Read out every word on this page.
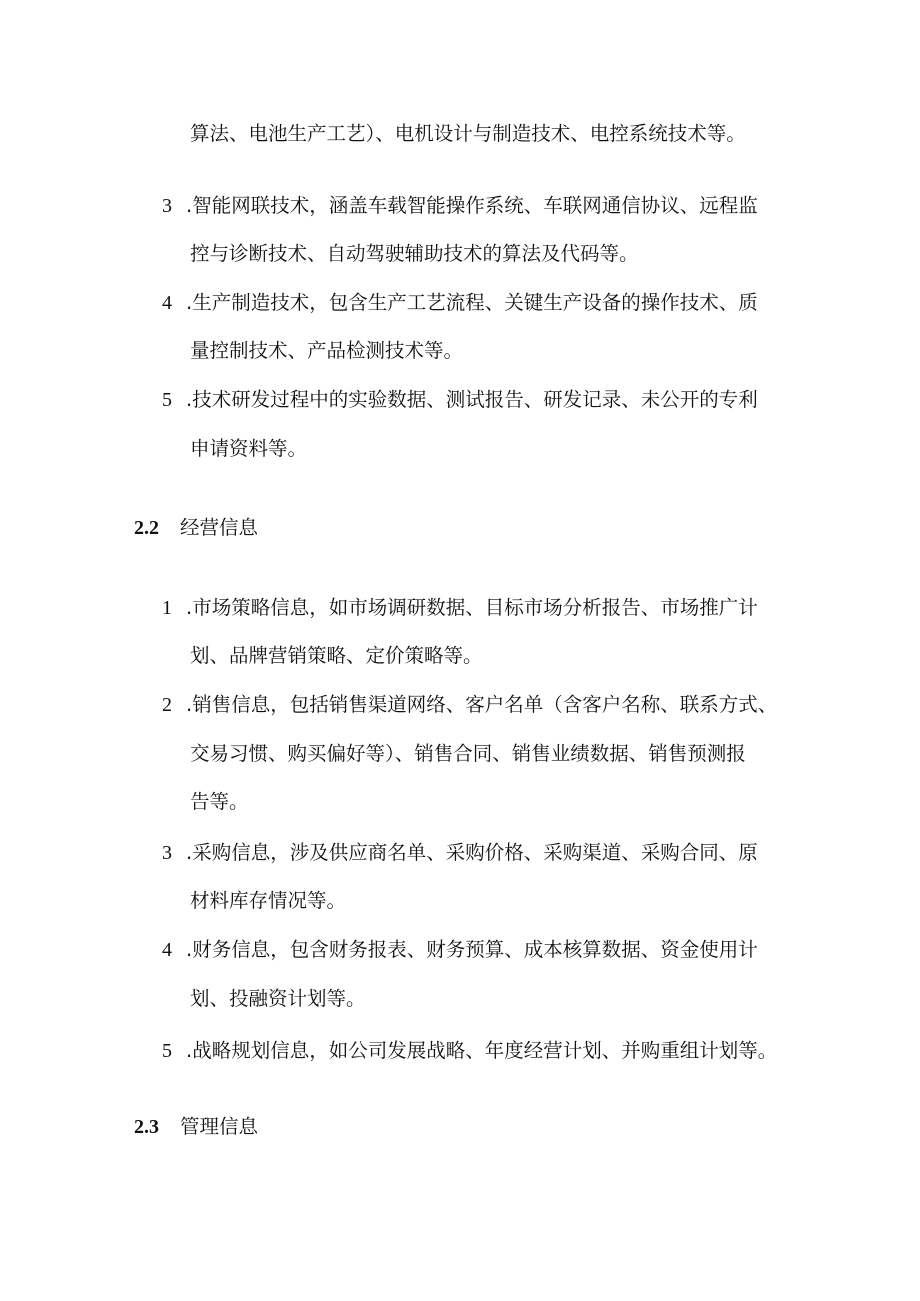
算法、电池生产工艺）、电机设计与制造技术、电控系统技术等。
3 .智能网联技术，涵盖车载智能操作系统、车联网通信协议、远程监
控与诊断技术、自动驾驶辅助技术的算法及代码等。
4 .生产制造技术，包含生产工艺流程、关键生产设备的操作技术、质
量控制技术、产品检测技术等。
5 .技术研发过程中的实验数据、测试报告、研发记录、未公开的专利
申请资料等。
2.2 经营信息
1 .市场策略信息，如市场调研数据、目标市场分析报告、市场推广计
划、品牌营销策略、定价策略等。
2 .销售信息，包括销售渠道网络、客户名单（含客户名称、联系方式、
交易习惯、购买偏好等）、销售合同、销售业绩数据、销售预测报
告等。
3 .采购信息，涉及供应商名单、采购价格、采购渠道、采购合同、原
材料库存情况等。
4 .财务信息，包含财务报表、财务预算、成本核算数据、资金使用计
划、投融资计划等。
5 .战略规划信息，如公司发展战略、年度经营计划、并购重组计划等。
2.3 管理信息
